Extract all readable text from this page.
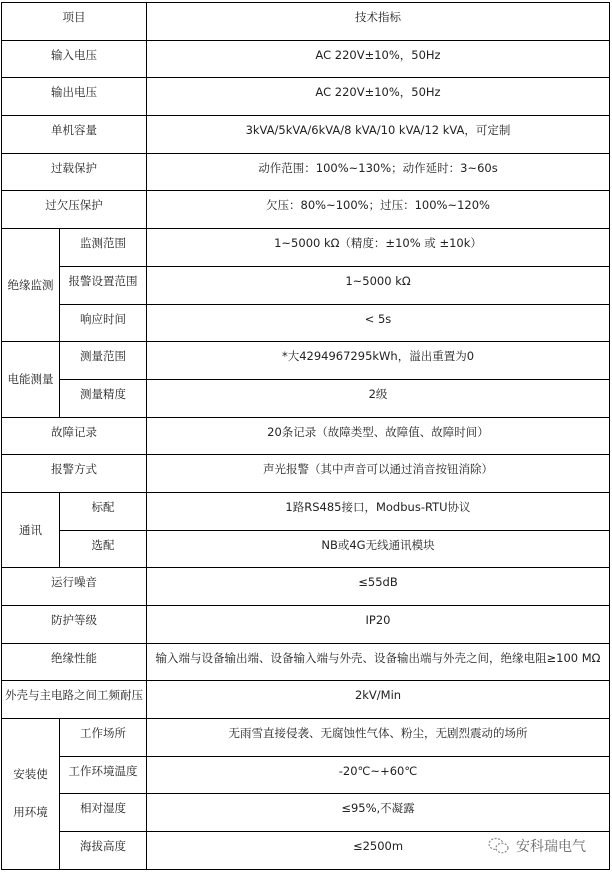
项目		技术指标

输入电压		AC 220V±10%，50Hz

输出电压		AC 220V±10%，50Hz

单机容量		3kVA/5kVA/6kVA/8 kVA/10 kVA/12 kVA，可定制

过载保护		动作范围：100%~130%；动作延时：3~60s

过欠压保护		欠压：80%~100%；过压：100%~120%

绝缘监测	监测范围	1~5000 kΩ（精度：±10% 或 ±10k）

	报警设置范围	1~5000 kΩ

	响应时间	< 5s

电能测量	测量范围	*大4294967295kWh，溢出重置为0

	测量精度	2级

故障记录		20条记录（故障类型、故障值、故障时间）

报警方式		声光报警（其中声音可以通过消音按钮消除）

通讯	标配	1路RS485接口，Modbus-RTU协议

	选配	NB或4G无线通讯模块

运行噪音		≤55dB

防护等级		IP20

绝缘性能		输入端与设备输出端、设备输入端与外壳、设备输出端与外壳之间，绝缘电阻≥100 MΩ

外壳与主电路之间工频耐压		2kV/Min

安装使
用环境	工作场所	无雨雪直接侵袭、无腐蚀性气体、粉尘，无剧烈震动的场所

	工作环境温度	-20℃~+60℃

	相对湿度	≤95%,不凝露

	海拔高度	≤2500m	安科瑞电气
